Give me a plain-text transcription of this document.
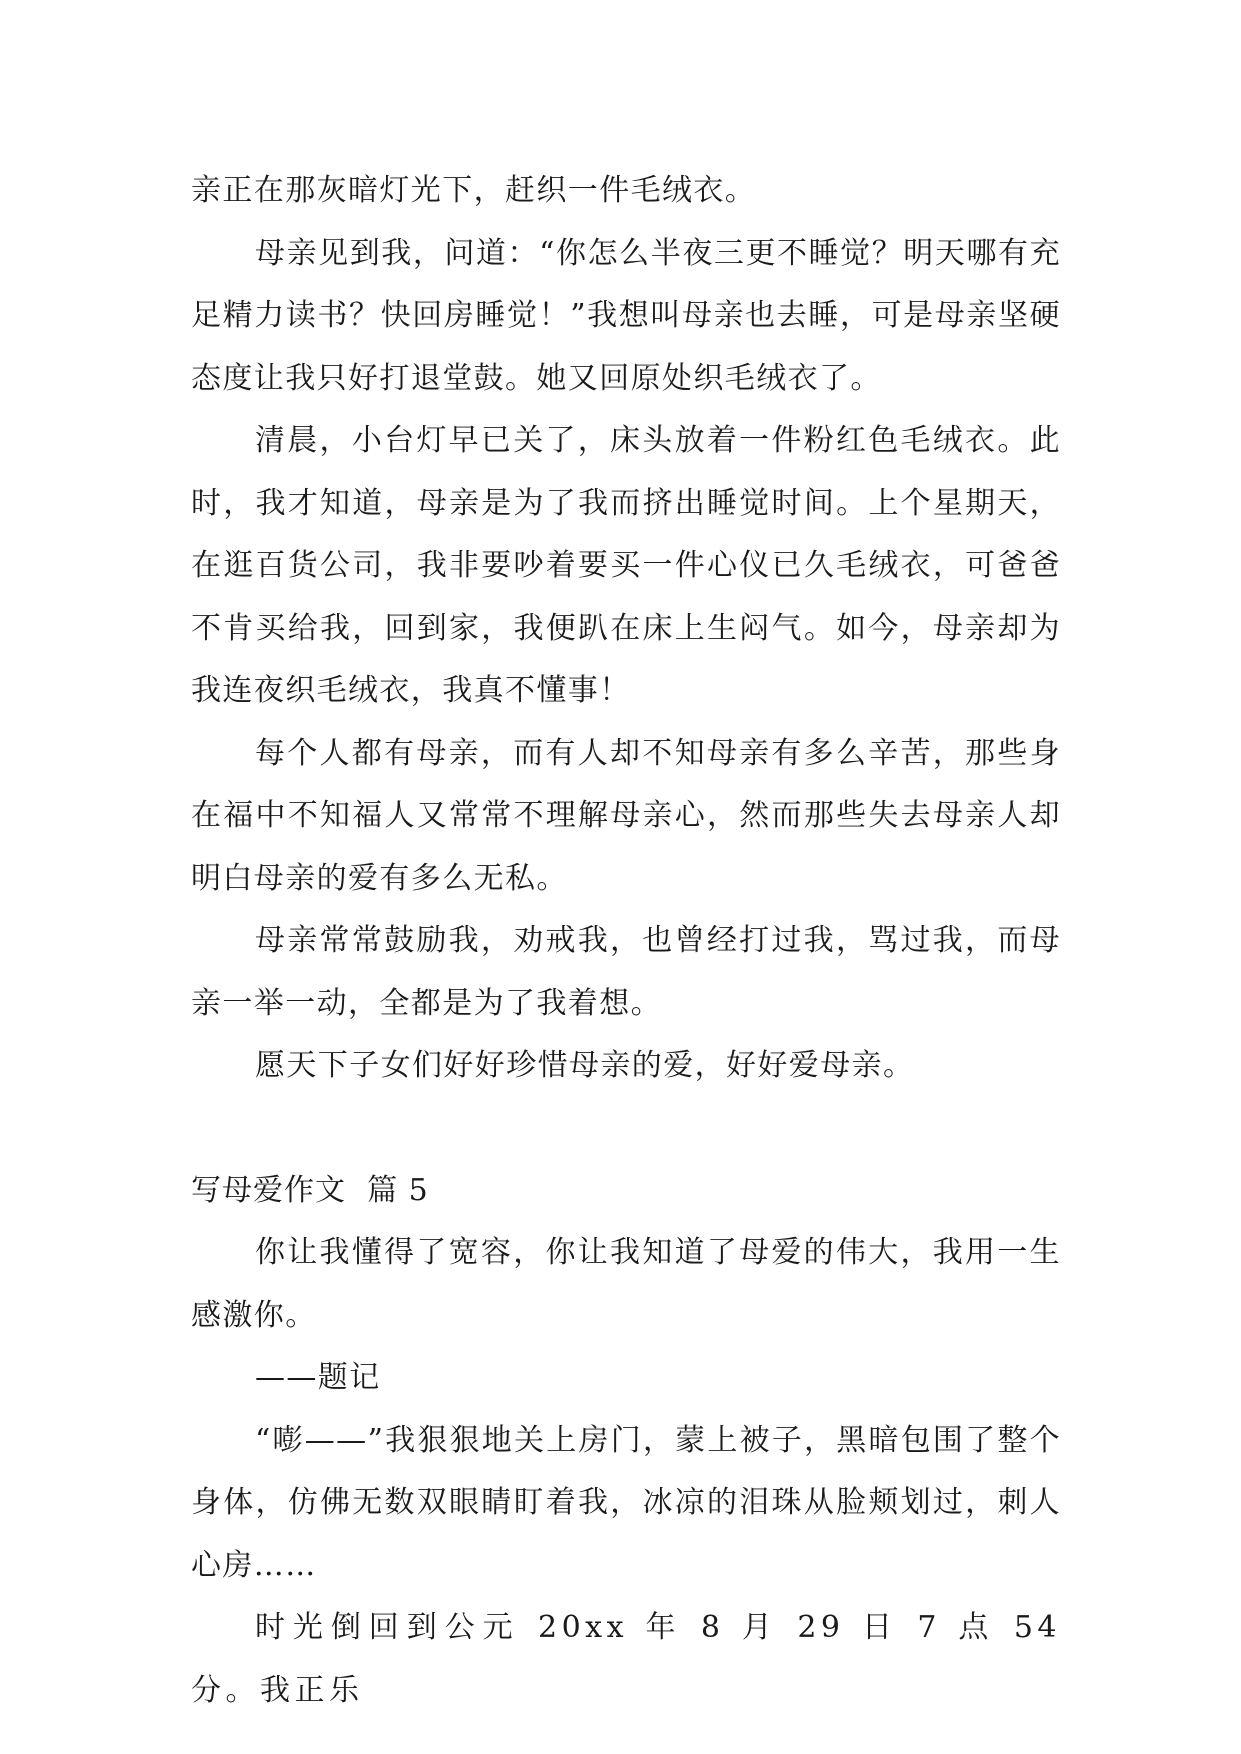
亲正在那灰暗灯光下，赶织一件毛绒衣。

母亲见到我，问道：“你怎么半夜三更不睡觉？明天哪有充足精力读书？快回房睡觉！”我想叫母亲也去睡，可是母亲坚硬态度让我只好打退堂鼓。她又回原处织毛绒衣了。

清晨，小台灯早已关了，床头放着一件粉红色毛绒衣。此时，我才知道，母亲是为了我而挤出睡觉时间。上个星期天，在逛百货公司，我非要吵着要买一件心仪已久毛绒衣，可爸爸不肯买给我，回到家，我便趴在床上生闷气。如今，母亲却为我连夜织毛绒衣，我真不懂事！

每个人都有母亲，而有人却不知母亲有多么辛苦，那些身在福中不知福人又常常不理解母亲心，然而那些失去母亲人却明白母亲的爱有多么无私。

母亲常常鼓励我，劝戒我，也曾经打过我，骂过我，而母亲一举一动，全都是为了我着想。

愿天下子女们好好珍惜母亲的爱，好好爱母亲。

写母爱作文  篇 5

你让我懂得了宽容，你让我知道了母爱的伟大，我用一生感激你。

——题记

“嘭——”我狠狠地关上房门，蒙上被子，黑暗包围了整个身体，仿佛无数双眼睛盯着我，冰凉的泪珠从脸颊划过，刺人心房……

时光倒回到公元 20xx 年 8 月 29 日 7 点 54 分。我正乐
